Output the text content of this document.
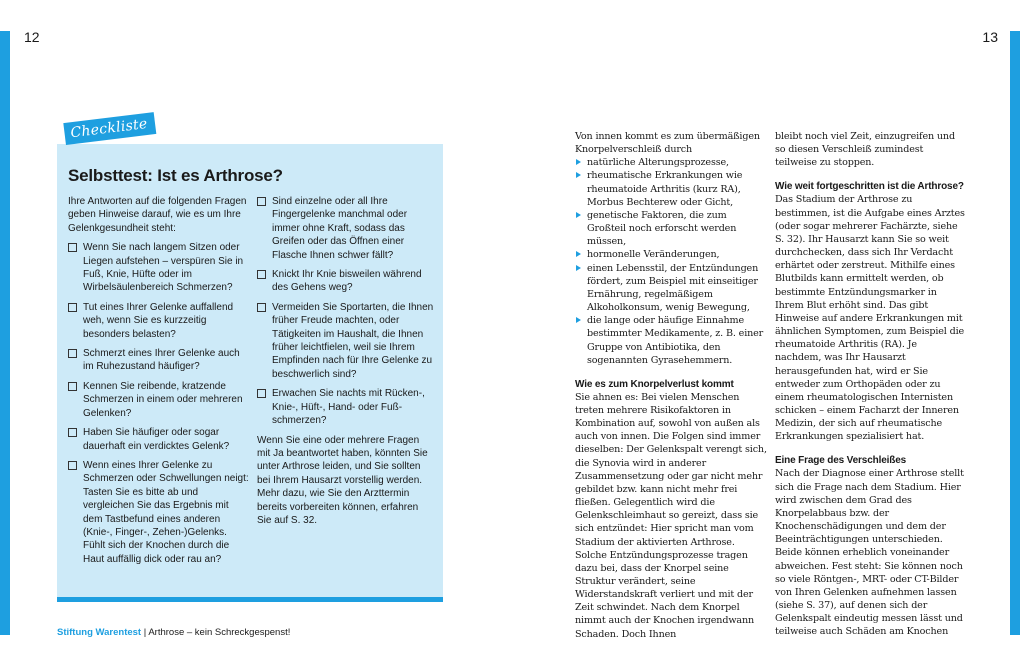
12	13
Checkliste
Selbsttest: Ist es Arthrose?

Ihre Antworten auf die folgenden Fragen geben Hinweise darauf, wie es um Ihre Gelenkgesundheit steht:

Wenn Sie nach langem Sitzen oder Liegen aufstehen – verspüren Sie in Fuß, Knie, Hüfte oder im Wirbelsäulenbereich Schmerzen?
Tut eines Ihrer Gelenke auffallend weh, wenn Sie es kurzzeitig besonders belasten?
Schmerzt eines Ihrer Gelenke auch im Ruhezustand häufiger?
Kennen Sie reibende, kratzende Schmerzen in einem oder mehreren Gelenken?
Haben Sie häufiger oder sogar dauerhaft ein verdicktes Gelenk?
Wenn eines Ihrer Gelenke zu Schmerzen oder Schwellungen neigt: Tasten Sie es bitte ab und vergleichen Sie das Ergebnis mit dem Tastbefund eines anderen (Knie-, Finger-, Zehen-)Gelenks. Fühlt sich der Knochen durch die Haut auffällig dick oder rau an?
Sind einzelne oder all Ihre Fingergelenke manchmal oder immer ohne Kraft, sodass das Greifen oder das Öffnen einer Flasche Ihnen schwer fällt?
Knickt Ihr Knie bisweilen während des Gehens weg?
Vermeiden Sie Sportarten, die Ihnen früher Freude machten, oder Tätigkeiten im Haushalt, die Ihnen früher leichtfielen, weil sie Ihrem Empfinden nach für Ihre Gelenke zu beschwerlich sind?
Erwachen Sie nachts mit Rücken-, Knie-, Hüft-, Hand- oder Fuß-schmerzen?

Wenn Sie eine oder mehrere Fragen mit Ja beantwortet haben, könnten Sie unter Arthrose leiden, und Sie sollten bei Ihrem Hausarzt vorstellig werden. Mehr dazu, wie Sie den Arzttermin bereits vorbereiten können, erfahren Sie auf S. 32.

Von innen kommt es zum übermäßigen Knorpelverschleiß durch

natürliche Alterungsprozesse,

rheumatische Erkrankungen wie rheumatoide Arthritis (kurz RA), Morbus Bechterew oder Gicht,

genetische Faktoren, die zum Großteil noch erforscht werden müssen,

hormonelle Veränderungen,

einen Lebensstil, der Entzündungen fördert, zum Beispiel mit einseitiger Ernährung, regelmäßigem Alkoholkonsum, wenig Bewegung,

die lange oder häufige Einnahme bestimmter Medikamente, z. B. einer Gruppe von Antibiotika, den sogenannten Gyrasehemmern.

Wie es zum Knorpelverlust kommt

Sie ahnen es: Bei vielen Menschen treten mehrere Risikofaktoren in Kombination auf, sowohl von außen als auch von innen. Die Folgen sind immer dieselben: Der Gelenkspalt verengt sich, die Synovia wird in anderer Zusammensetzung oder gar nicht mehr gebildet bzw. kann nicht mehr frei fließen. Gelegentlich wird die Gelenkschleimhaut so gereizt, dass sie sich entzündet: Hier spricht man vom Stadium der aktivierten Arthrose. Solche Entzündungsprozesse tragen dazu bei, dass der Knorpel seine Struktur verändert, seine Widerstandskraft verliert und mit der Zeit schwindet. Nach dem Knorpel nimmt auch der Knochen irgendwann Schaden. Doch Ihnen

bleibt noch viel Zeit, einzugreifen und so diesen Verschleiß zumindest teilweise zu stoppen.

Wie weit fortgeschritten ist die Arthrose?

Das Stadium der Arthrose zu bestimmen, ist die Aufgabe eines Arztes (oder sogar mehrerer Fachärzte, siehe S. 32). Ihr Hausarzt kann Sie so weit durchchecken, dass sich Ihr Verdacht erhärtet oder zerstreut. Mithilfe eines Blutbilds kann ermittelt werden, ob bestimmte Entzündungsmarker in Ihrem Blut erhöht sind. Das gibt Hinweise auf andere Erkrankungen mit ähnlichen Symptomen, zum Beispiel die rheumatoide Arthritis (RA). Je nachdem, was Ihr Hausarzt herausgefunden hat, wird er Sie entweder zum Orthopäden oder zu einem rheumatologischen Internisten schicken – einem Facharzt der Inneren Medizin, der sich auf rheumatische Erkrankungen spezialisiert hat.

Eine Frage des Verschleißes

Nach der Diagnose einer Arthrose stellt sich die Frage nach dem Stadium. Hier wird zwischen dem Grad des Knorpelabbaus bzw. der Knochenschädigungen und dem der Beeinträchtigungen unterschieden. Beide können erheblich voneinander abweichen. Fest steht: Sie können noch so viele Röntgen-, MRT- oder CT-Bilder von Ihren Gelenken aufnehmen lassen (siehe S. 37), auf denen sich der Gelenkspalt eindeutig messen lässt und teilweise auch Schäden am Knochen

Stiftung Warentest | Arthrose – kein Schreckgespenst!
